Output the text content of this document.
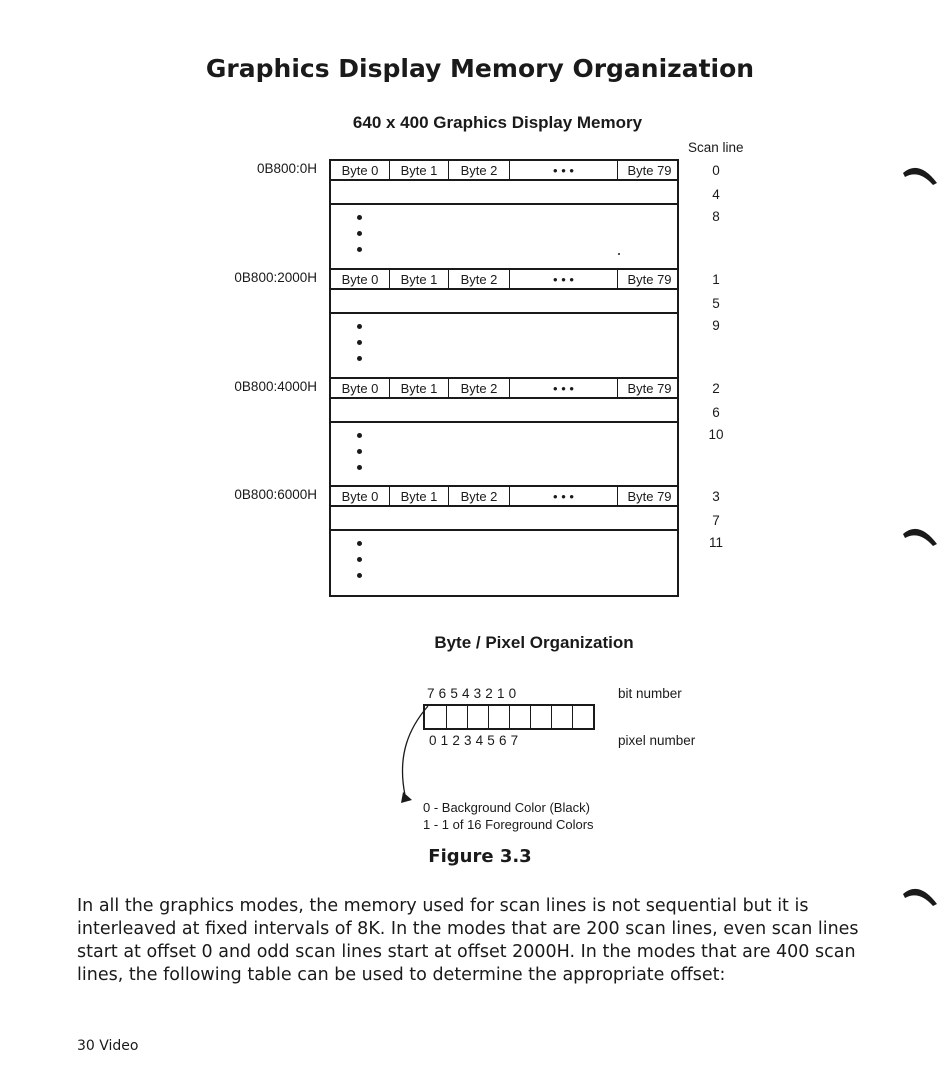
Graphics Display Memory Organization
640 x 400 Graphics Display Memory
Scan line
0B800:0H	Byte 0	Byte 1	Byte 2	• • •	Byte 79	0
4
8
0B800:2000H	Byte 0	Byte 1	Byte 2	• • •	Byte 79	1
5
9
0B800:4000H	Byte 0	Byte 1	Byte 2	• • •	Byte 79	2
6
10
0B800:6000H	Byte 0	Byte 1	Byte 2	• • •	Byte 79	3
7
11
Byte / Pixel Organization
7 6 5 4 3 2 1 0	bit number
0 1 2 3 4 5 6 7	pixel number
0 - Background Color (Black)
1 - 1 of 16 Foreground Colors
Figure 3.3
In all the graphics modes, the memory used for scan lines is not sequential but it is interleaved at fixed intervals of 8K. In the modes that are 200 scan lines, even scan lines start at offset 0 and odd scan lines start at offset 2000H. In the modes that are 400 scan lines, the following table can be used to determine the appropriate offset:
30 Video
